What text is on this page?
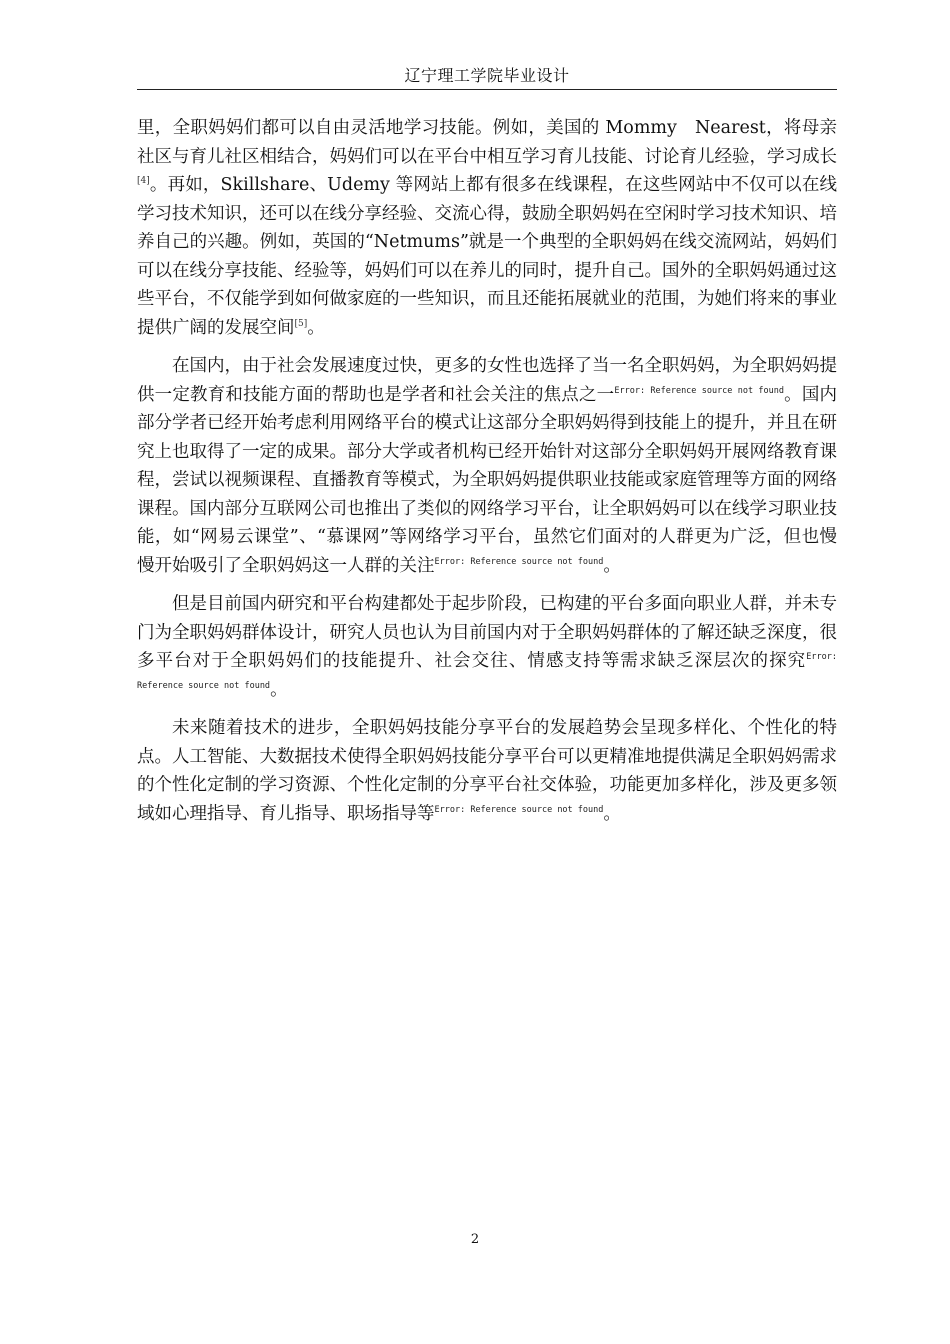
辽宁理工学院毕业设计

里，全职妈妈们都可以自由灵活地学习技能。例如，美国的 Mommy　Nearest，将母亲社区与育儿社区相结合，妈妈们可以在平台中相互学习育儿技能、讨论育儿经验，学习成长[4]。再如，Skillshare、Udemy 等网站上都有很多在线课程，在这些网站中不仅可以在线学习技术知识，还可以在线分享经验、交流心得，鼓励全职妈妈在空闲时学习技术知识、培养自己的兴趣。例如，英国的“Netmums”就是一个典型的全职妈妈在线交流网站，妈妈们可以在线分享技能、经验等，妈妈们可以在养儿的同时，提升自己。国外的全职妈妈通过这些平台，不仅能学到如何做家庭的一些知识，而且还能拓展就业的范围，为她们将来的事业提供广阔的发展空间[5]。

在国内，由于社会发展速度过快，更多的女性也选择了当一名全职妈妈，为全职妈妈提供一定教育和技能方面的帮助也是学者和社会关注的焦点之一$^{Error: Reference source not found}$。国内部分学者已经开始考虑利用网络平台的模式让这部分全职妈妈得到技能上的提升，并且在研究上也取得了一定的成果。部分大学或者机构已经开始针对这部分全职妈妈开展网络教育课程，尝试以视频课程、直播教育等模式，为全职妈妈提供职业技能或家庭管理等方面的网络课程。国内部分互联网公司也推出了类似的网络学习平台，让全职妈妈可以在线学习职业技能，如“网易云课堂”、“慕课网”等网络学习平台，虽然它们面对的人群更为广泛，但也慢慢开始吸引了全职妈妈这一人群的关注$^{Error: Reference source not found}$。

但是目前国内研究和平台构建都处于起步阶段，已构建的平台多面向职业人群，并未专门为全职妈妈群体设计，研究人员也认为目前国内对于全职妈妈群体的了解还缺乏深度，很多平台对于全职妈妈们的技能提升、社会交往、情感支持等需求缺乏深层次的探究$^{Error: Reference source not found}$。

未来随着技术的进步，全职妈妈技能分享平台的发展趋势会呈现多样化、个性化的特点。人工智能、大数据技术使得全职妈妈技能分享平台可以更精准地提供满足全职妈妈需求的个性化定制的学习资源、个性化定制的分享平台社交体验，功能更加多样化，涉及更多领域如心理指导、育儿指导、职场指导等$^{Error: Reference source not found}$。

2
